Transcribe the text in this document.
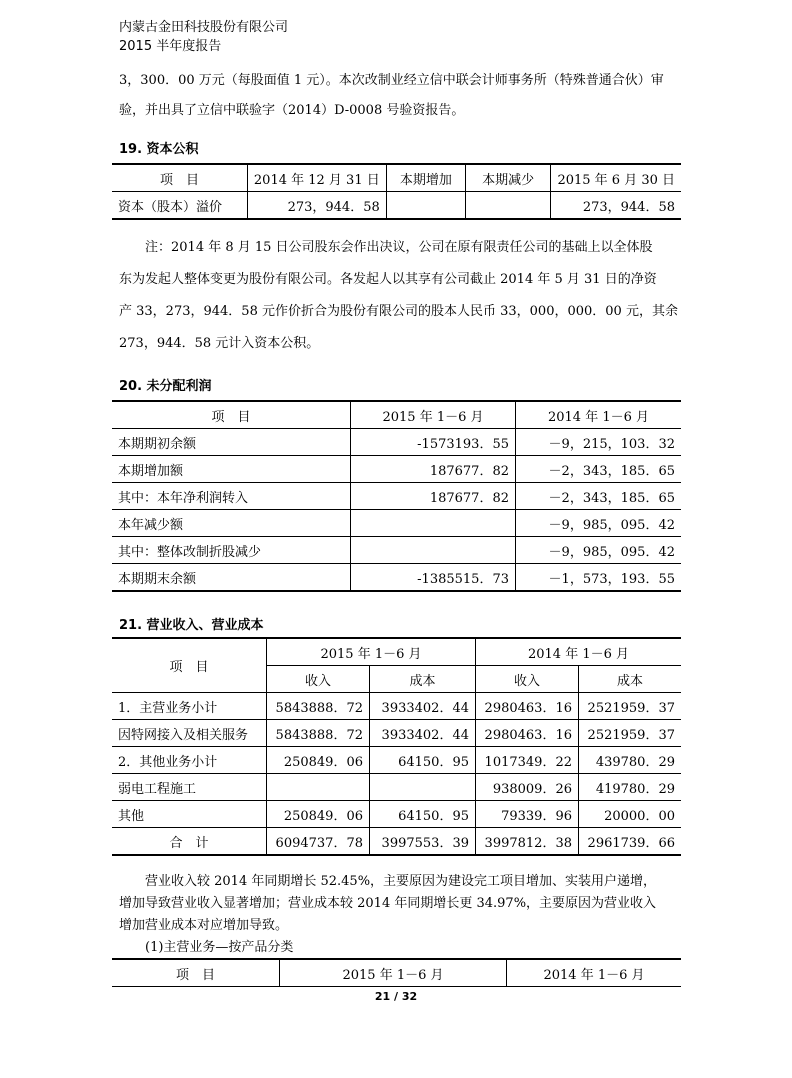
内蒙古金田科技股份有限公司
2015 半年度报告
3，300．00 万元（每股面值 1 元）。本次改制业经立信中联会计师事务所（特殊普通合伙）审
验，并出具了立信中联验字（2014）D-0008 号验资报告。
19. 资本公积
项　目	2014 年 12 月 31 日	本期增加	本期减少	2015 年 6 月 30 日
资本（股本）溢价	273，944．58			273，944．58
注：2014 年 8 月 15 日公司股东会作出决议，公司在原有限责任公司的基础上以全体股
东为发起人整体变更为股份有限公司。各发起人以其享有公司截止 2014 年 5 月 31 日的净资
产 33，273，944．58 元作价折合为股份有限公司的股本人民币 33，000，000．00 元，其余
273，944．58 元计入资本公积。
20. 未分配利润
项　目	2015 年 1－6 月	2014 年 1－6 月
本期期初余额	-1573193．55	－9，215，103．32
本期增加额	187677．82	－2，343，185．65
其中：本年净利润转入	187677．82	－2，343，185．65
本年减少额		－9，985，095．42
其中：整体改制折股减少		－9，985，095．42
本期期末余额	-1385515．73	－1，573，193．55
21. 营业收入、营业成本
项　目	2015 年 1－6 月		2014 年 1－6 月	
	收入	成本	收入	成本
1．主营业务小计	5843888．72	3933402．44	2980463．16	2521959．37
因特网接入及相关服务	5843888．72	3933402．44	2980463．16	2521959．37
2．其他业务小计	250849．06	64150．95	1017349．22	439780．29
弱电工程施工			938009．26	419780．29
其他	250849．06	64150．95	79339．96	20000．00
合　计	6094737．78	3997553．39	3997812．38	2961739．66
营业收入较 2014 年同期增长 52.45%，主要原因为建设完工项目增加、实装用户递增，
增加导致营业收入显著增加；营业成本较 2014 年同期增长更 34.97%，主要原因为营业收入
增加营业成本对应增加导致。
(1)主营业务—按产品分类
项　目	2015 年 1－6 月	2014 年 1－6 月
21 / 32
